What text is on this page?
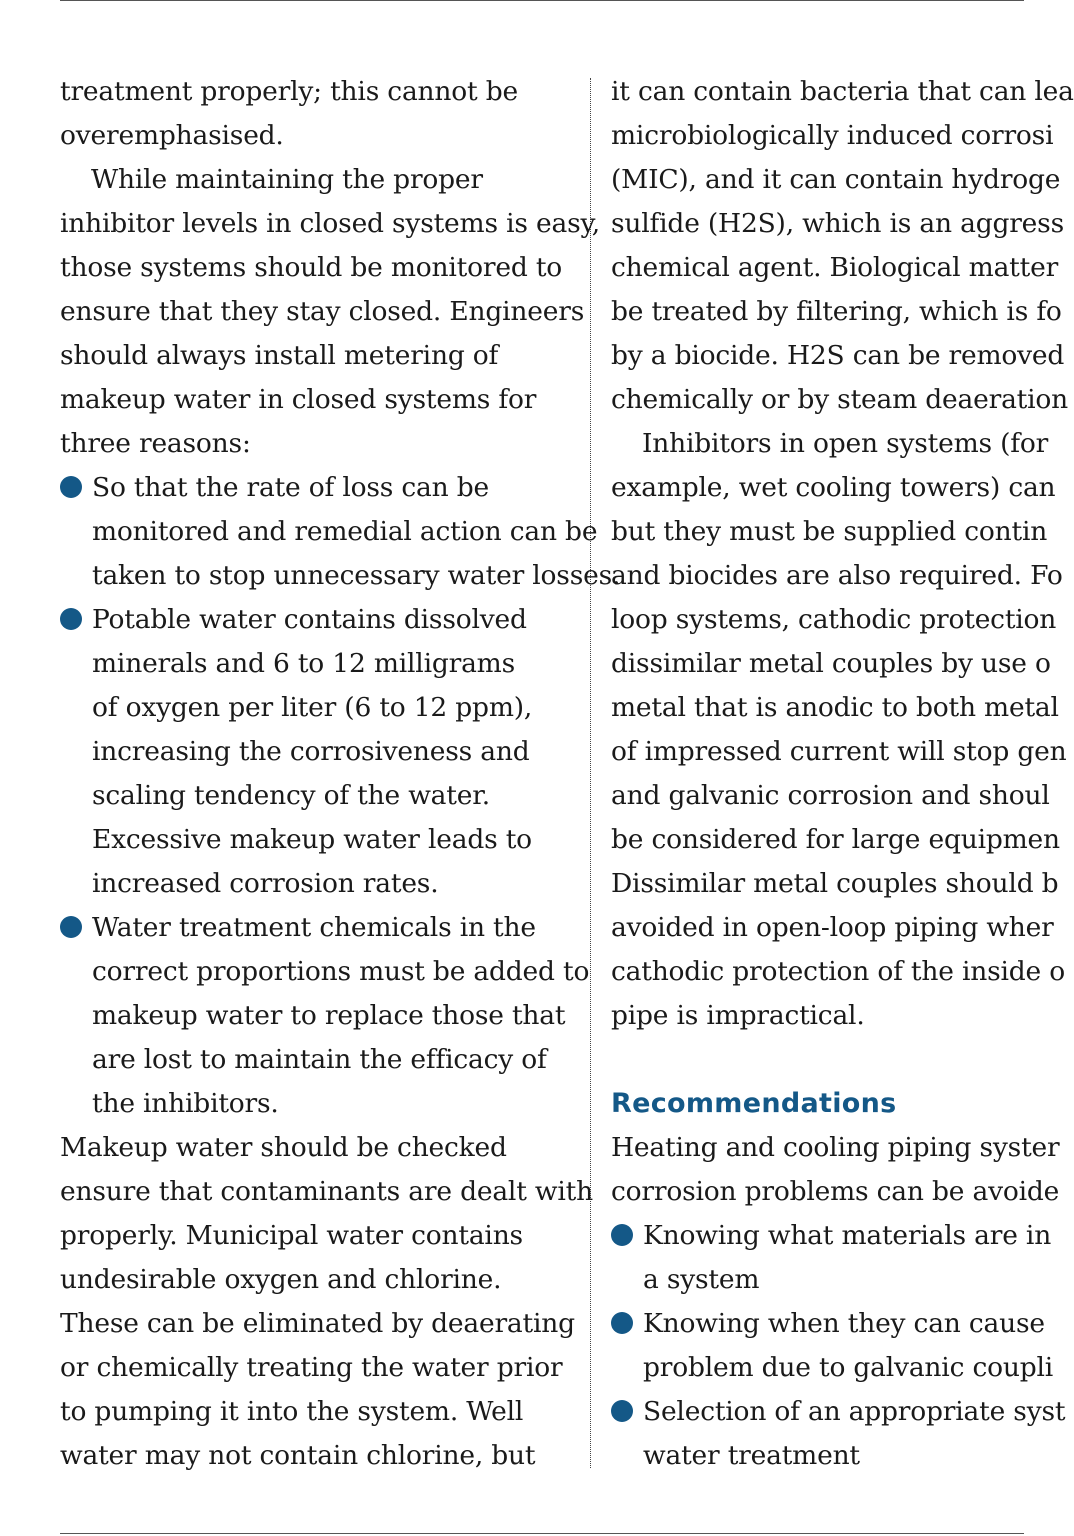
treatment properly; this cannot be
overemphasised.
While maintaining the proper
inhibitor levels in closed systems is easy,
those systems should be monitored to
ensure that they stay closed. Engineers
should always install metering of
makeup water in closed systems for
three reasons:
So that the rate of loss can be
monitored and remedial action can be
taken to stop unnecessary water losses.
Potable water contains dissolved
minerals and 6 to 12 milligrams
of oxygen per liter (6 to 12 ppm),
increasing the corrosiveness and
scaling tendency of the water.
Excessive makeup water leads to
increased corrosion rates.
Water treatment chemicals in the
correct proportions must be added to
makeup water to replace those that
are lost to maintain the efficacy of
the inhibitors.
Makeup water should be checked
ensure that contaminants are dealt with
properly. Municipal water contains
undesirable oxygen and chlorine.
These can be eliminated by deaerating
or chemically treating the water prior
to pumping it into the system. Well
water may not contain chlorine, but
it can contain bacteria that can lea
microbiologically induced corrosi
(MIC), and it can contain hydroge
sulfide (H2S), which is an aggress
chemical agent. Biological matter
be treated by filtering, which is fo
by a biocide. H2S can be removed
chemically or by steam deaeration
Inhibitors in open systems (for
example, wet cooling towers) can
but they must be supplied contin
and biocides are also required. Fo
loop systems, cathodic protection
dissimilar metal couples by use o
metal that is anodic to both metal
of impressed current will stop gen
and galvanic corrosion and shoul
be considered for large equipmen
Dissimilar metal couples should b
avoided in open-loop piping wher
cathodic protection of the inside o
pipe is impractical.
Recommendations
Heating and cooling piping syster
corrosion problems can be avoide
Knowing what materials are in
a system
Knowing when they can cause
problem due to galvanic coupli
Selection of an appropriate syst
water treatment
